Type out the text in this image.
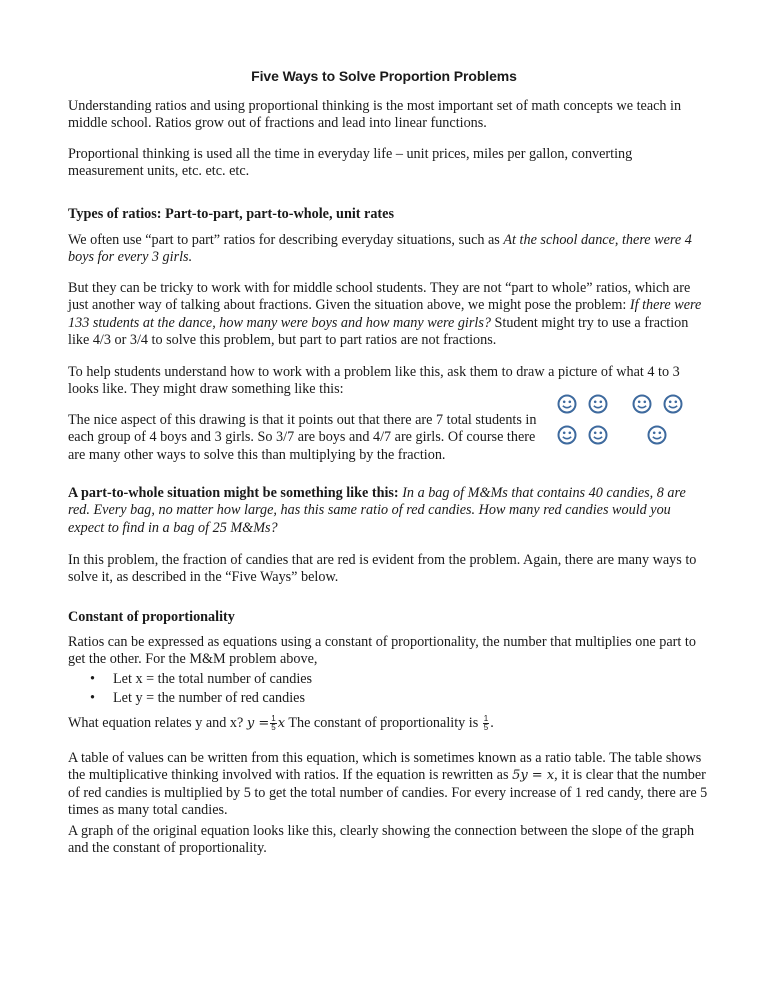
Five Ways to Solve Proportion Problems
Understanding ratios and using proportional thinking is the most important set of math concepts we teach in middle school. Ratios grow out of fractions and lead into linear functions.
Proportional thinking is used all the time in everyday life – unit prices, miles per gallon, converting measurement units, etc. etc. etc.
Types of ratios: Part-to-part, part-to-whole, unit rates
We often use “part to part” ratios for describing everyday situations, such as At the school dance, there were 4 boys for every 3 girls.
But they can be tricky to work with for middle school students. They are not “part to whole” ratios, which are just another way of talking about fractions. Given the situation above, we might pose the problem: If there were 133 students at the dance, how many were boys and how many were girls? Student might try to use a fraction like 4/3 or 3/4 to solve this problem, but part to part ratios are not fractions.
To help students understand how to work with a problem like this, ask them to draw a picture of what 4 to 3 looks like. They might draw something like this:
The nice aspect of this drawing is that it points out that there are 7 total students in each group of 4 boys and 3 girls. So 3/7 are boys and 4/7 are girls. Of course there are many other ways to solve this than multiplying by the fraction.
A part-to-whole situation might be something like this: In a bag of M&Ms that contains 40 candies, 8 are red. Every bag, no matter how large, has this same ratio of red candies. How many red candies would you expect to find in a bag of 25 M&Ms?
In this problem, the fraction of candies that are red is evident from the problem. Again, there are many ways to solve it, as described in the “Five Ways” below.
Constant of proportionality
Ratios can be expressed as equations using a constant of proportionality, the number that multiplies one part to get the other. For the M&M problem above,
• Let x = the total number of candies
• Let y = the number of red candies
What equation relates y and x? $y = \frac{1}{5}$ x The constant of proportionality is $\frac{1}{5}$ .
A table of values can be written from this equation, which is sometimes known as a ratio table. The table shows the multiplicative thinking involved with ratios. If the equation is rewritten as 5y = x, it is clear that the number of red candies is multiplied by 5 to get the total number of candies. For every increase of 1 red candy, there are 5 times as many total candies.
A graph of the original equation looks like this, clearly showing the connection between the slope of the graph and the constant of proportionality.
